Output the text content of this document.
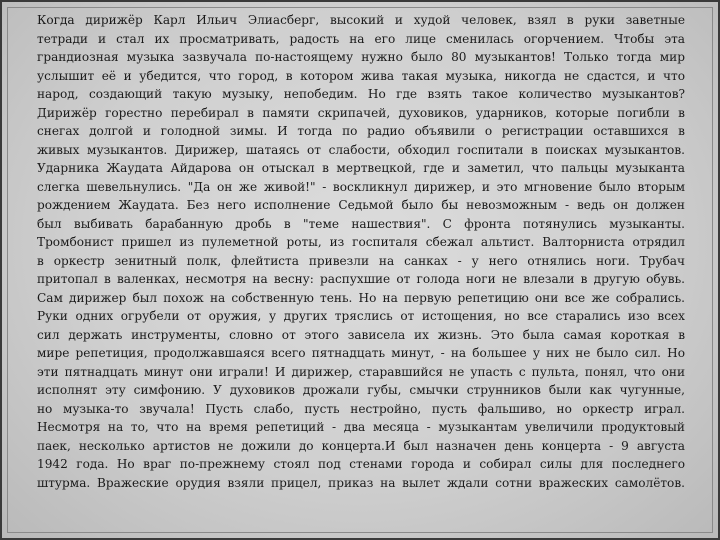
Когда дирижёр Карл Ильич Элиасберг, высокий и худой человек, взял в руки заветные
тетради и стал их просматривать, радость на его лице сменилась огорчением. Чтобы эта
грандиозная музыка зазвучала по-настоящему нужно было 80 музыкантов! Только тогда мир
услышит её и убедится, что город, в котором жива такая музыка, никогда не сдастся, и что
народ, создающий такую музыку, непобедим. Но где взять такое количество музыкантов?
Дирижёр горестно перебирал в памяти скрипачей, духовиков, ударников, которые погибли в
снегах долгой и голодной зимы. И тогда по радио объявили о регистрации оставшихся в
живых музыкантов. Дирижер, шатаясь от слабости, обходил госпитали в поисках музыкантов.
Ударника Жаудата Айдарова он отыскал в мертвецкой, где и заметил, что пальцы музыканта
слегка шевельнулись. "Да он же живой!" - воскликнул дирижер, и это мгновение было вторым
рождением Жаудата. Без него исполнение Седьмой было бы невозможным - ведь он должен
был выбивать барабанную дробь в "теме нашествия". С фронта потянулись музыканты.
Тромбонист пришел из пулеметной роты, из госпиталя сбежал альтист. Валторниста отрядил
в оркестр зенитный полк, флейтиста привезли на санках - у него отнялись ноги. Трубач
притопал в валенках, несмотря на весну: распухшие от голода ноги не влезали в другую обувь.
Сам дирижер был похож на собственную тень. Но на первую репетицию они все же собрались.
Руки одних огрубели от оружия, у других тряслись от истощения, но все старались изо всех
сил держать инструменты, словно от этого зависела их жизнь. Это была самая короткая в
мире репетиция, продолжавшаяся всего пятнадцать минут, - на большее у них не было сил. Но
эти пятнадцать минут они играли! И дирижер, старавшийся не упасть с пульта, понял, что они
исполнят эту симфонию. У духовиков дрожали губы, смычки струнников были как чугунные,
но музыка-то звучала! Пусть слабо, пусть нестройно, пусть фальшиво, но оркестр играл.
Несмотря на то, что на время репетиций - два месяца - музыкантам увеличили продуктовый
паек, несколько артистов не дожили до концерта.И был назначен день концерта - 9 августа
1942 года. Но враг по-прежнему стоял под стенами города и собирал силы для последнего
штурма. Вражеские орудия взяли прицел, приказ на вылет ждали сотни вражеских самолётов.
